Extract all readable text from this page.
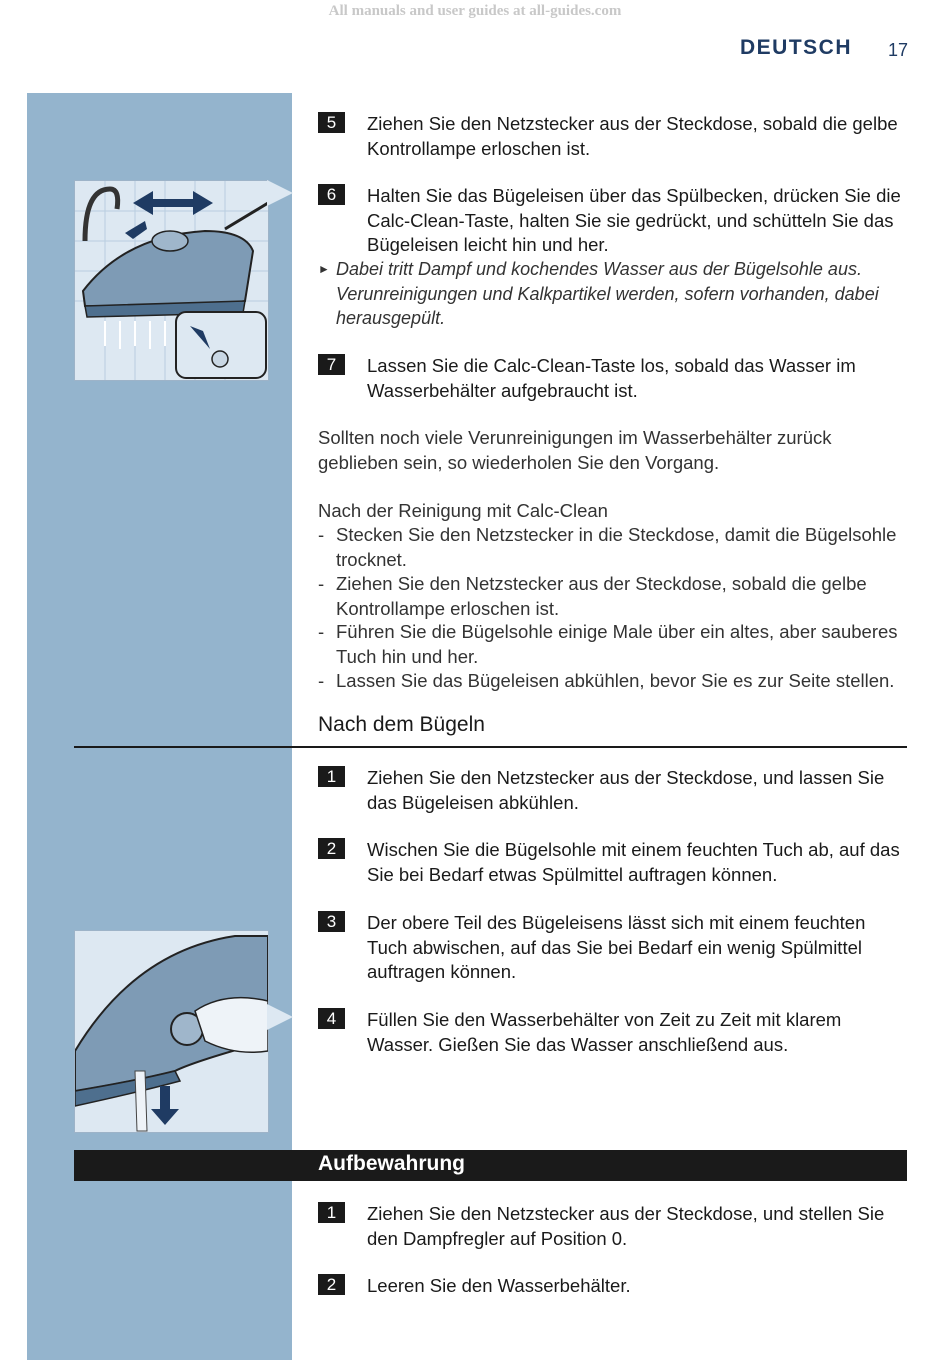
All manuals and user guides at all-guides.com
DEUTSCH 17
5	Ziehen Sie den Netzstecker aus der Steckdose, sobald die gelbe Kontrollampe erloschen ist.
6	Halten Sie das Bügeleisen über das Spülbecken, drücken Sie die Calc-Clean-Taste, halten Sie sie gedrückt, und schütteln Sie das Bügeleisen leicht hin und her.
► Dabei tritt Dampf und kochendes Wasser aus der Bügelsohle aus. Verunreinigungen und Kalkpartikel werden, sofern vorhanden, dabei herausgepült.
7	Lassen Sie die Calc-Clean-Taste los, sobald das Wasser im Wasserbehälter aufgebraucht ist.
Sollten noch viele Verunreinigungen im Wasserbehälter zurück geblieben sein, so wiederholen Sie den Vorgang.
Nach der Reinigung mit Calc-Clean
- Stecken Sie den Netzstecker in die Steckdose, damit die Bügelsohle trocknet.
- Ziehen Sie den Netzstecker aus der Steckdose, sobald die gelbe Kontrollampe erloschen ist.
- Führen Sie die Bügelsohle einige Male über ein altes, aber sauberes Tuch hin und her.
- Lassen Sie das Bügeleisen abkühlen, bevor Sie es zur Seite stellen.
Nach dem Bügeln
1	Ziehen Sie den Netzstecker aus der Steckdose, und lassen Sie das Bügeleisen abkühlen.
2	Wischen Sie die Bügelsohle mit einem feuchten Tuch ab, auf das Sie bei Bedarf etwas Spülmittel auftragen können.
3	Der obere Teil des Bügeleisens lässt sich mit einem feuchten Tuch abwischen, auf das Sie bei Bedarf ein wenig Spülmittel auftragen können.
4	Füllen Sie den Wasserbehälter von Zeit zu Zeit mit klarem Wasser. Gießen Sie das Wasser anschließend aus.
Aufbewahrung
1	Ziehen Sie den Netzstecker aus der Steckdose, und stellen Sie den Dampfregler auf Position 0.
2	Leeren Sie den Wasserbehälter.
